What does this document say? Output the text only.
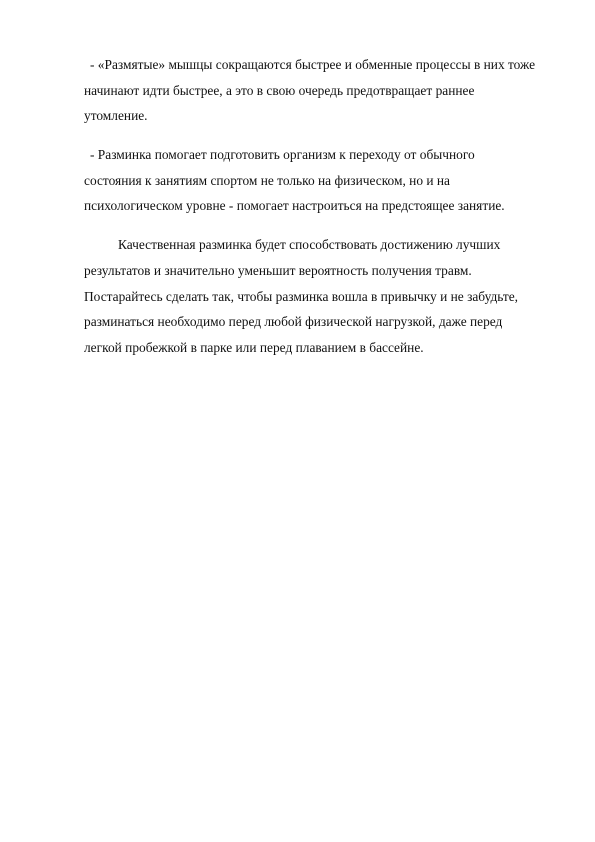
- «Размятые» мышцы сокращаются быстрее и обменные процессы в них тоже
начинают идти быстрее, а это в свою очередь предотвращает раннее
утомление.

- Разминка помогает подготовить организм к переходу от обычного
состояния к занятиям спортом не только на физическом, но и на
психологическом уровне - помогает настроиться на предстоящее занятие.

Качественная разминка будет способствовать достижению лучших
результатов и значительно уменьшит вероятность получения травм.
Постарайтесь сделать так, чтобы разминка вошла в привычку и не забудьте,
разминаться необходимо перед любой физической нагрузкой, даже перед
легкой пробежкой в парке или перед плаванием в бассейне.
